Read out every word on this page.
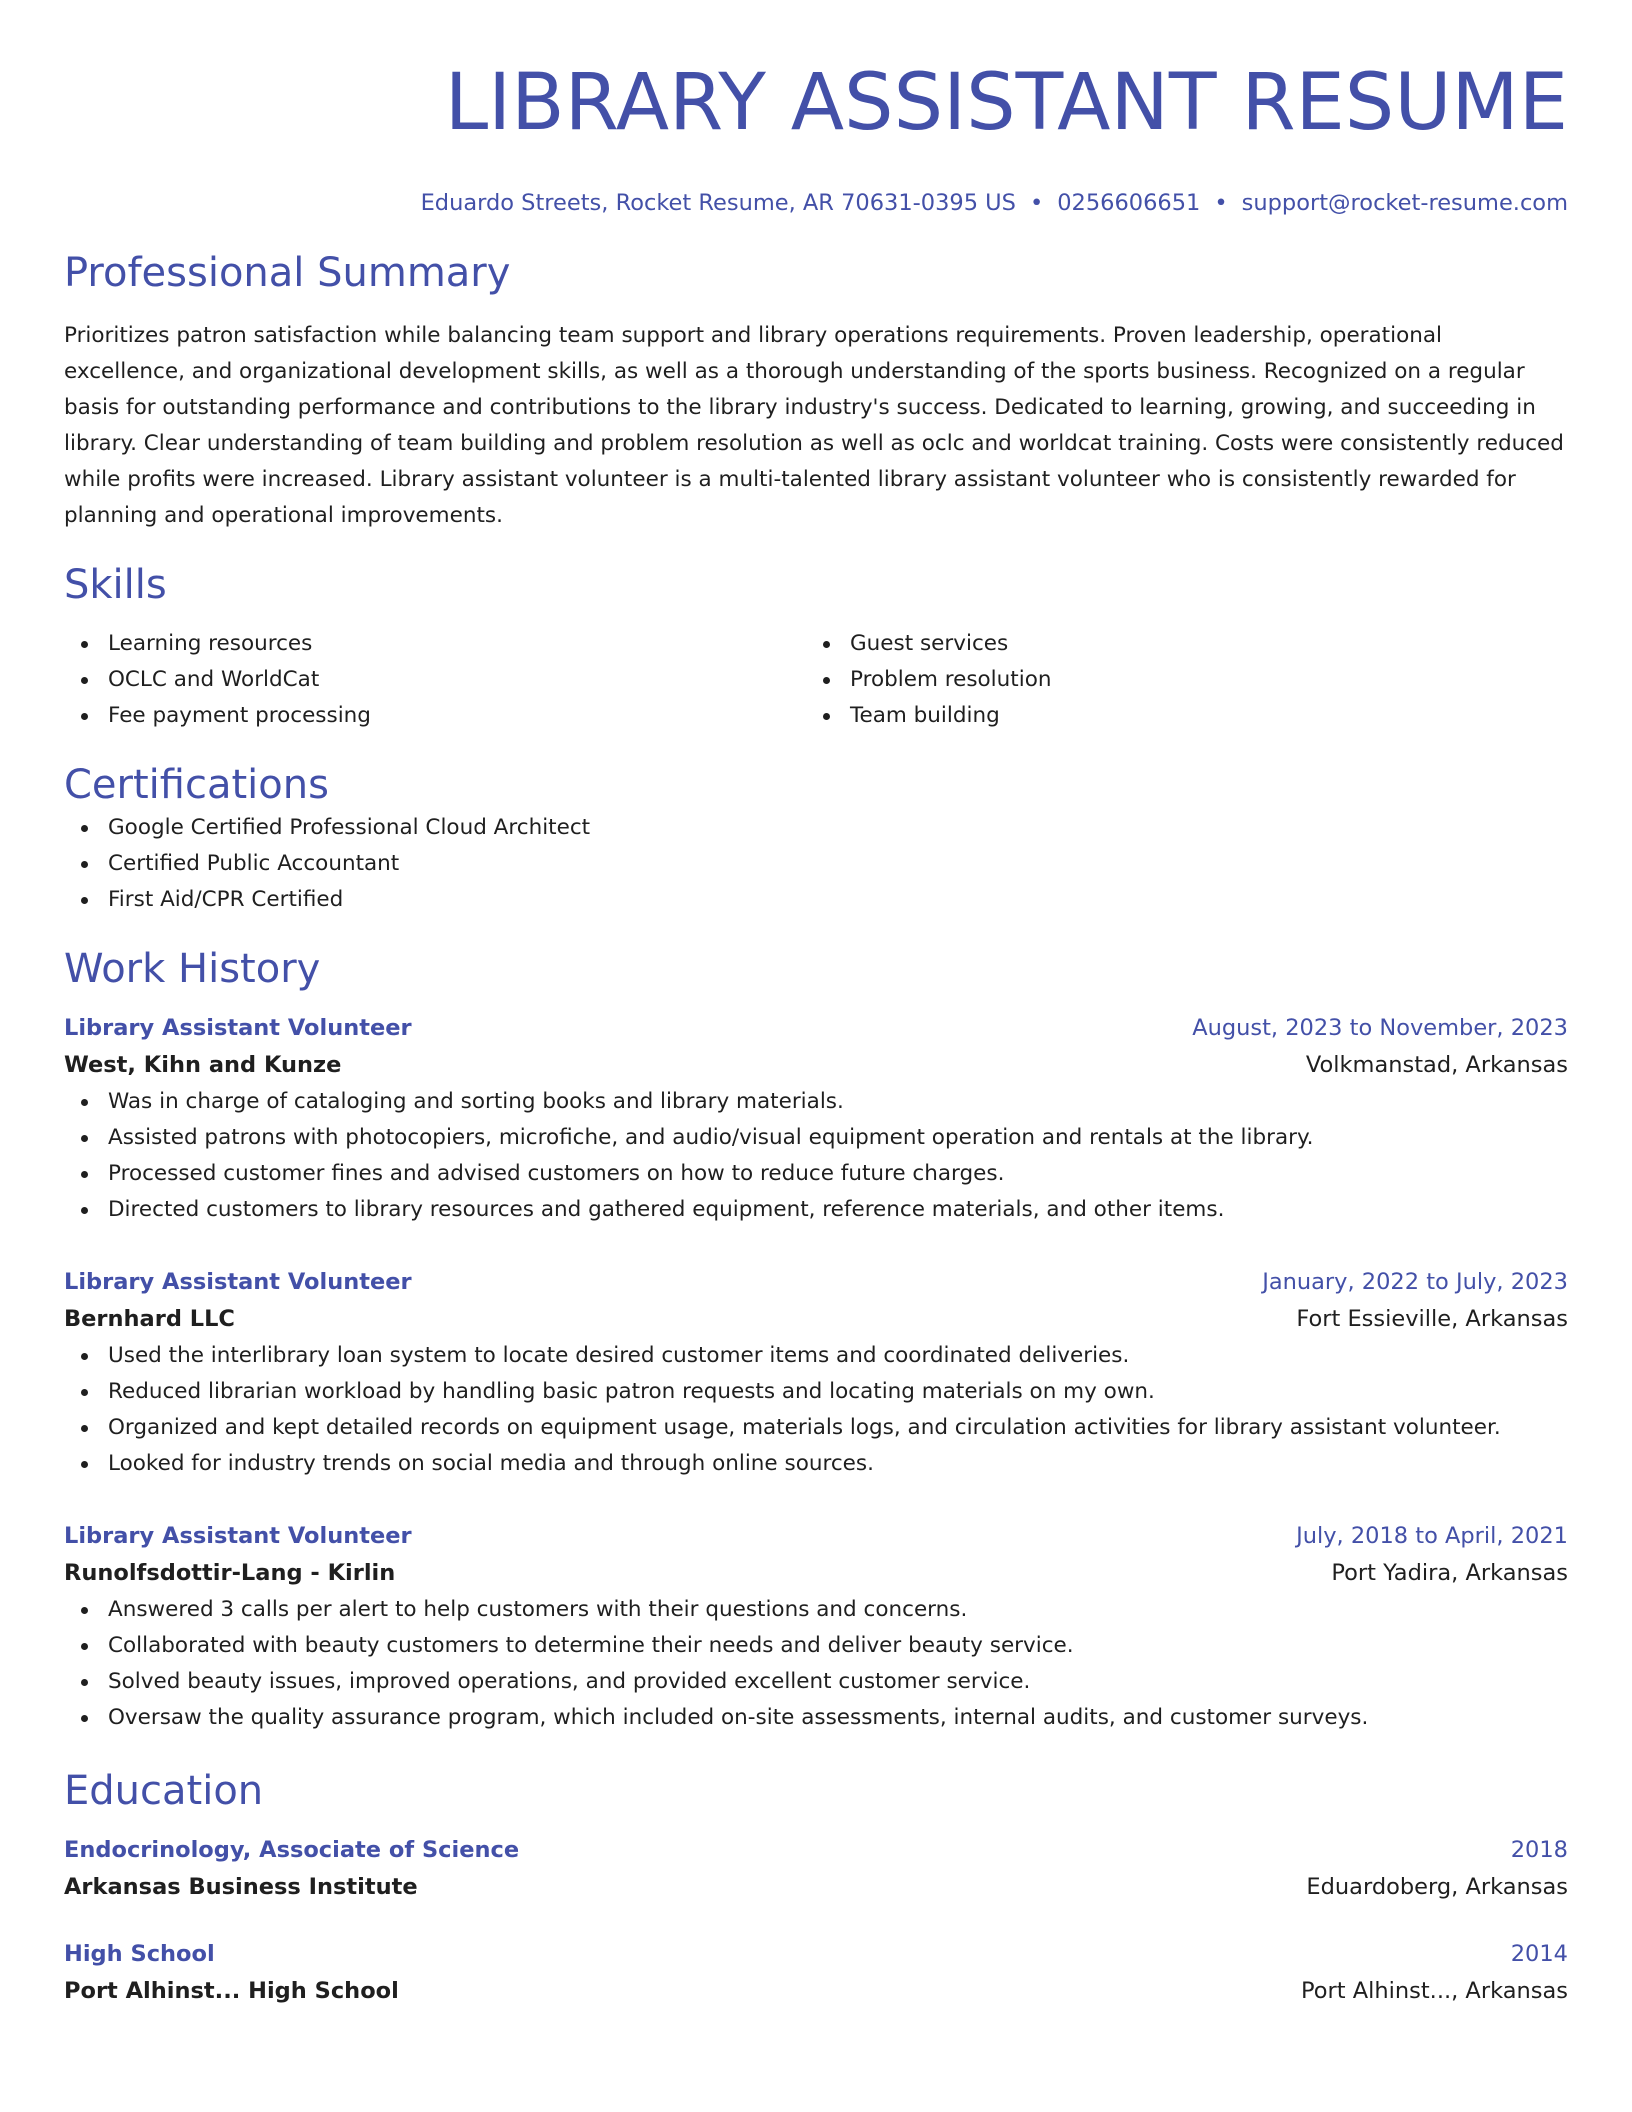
LIBRARY ASSISTANT RESUME
Eduardo Streets, Rocket Resume, AR 70631-0395 US • 0256606651 • support@rocket-resume.com
Professional Summary

Prioritizes patron satisfaction while balancing team support and library operations requirements. Proven leadership, operational excellence, and organizational development skills, as well as a thorough understanding of the sports business. Recognized on a regular basis for outstanding performance and contributions to the library industry's success. Dedicated to learning, growing, and succeeding in library. Clear understanding of team building and problem resolution as well as oclc and worldcat training. Costs were consistently reduced while profits were increased. Library assistant volunteer is a multi-talented library assistant volunteer who is consistently rewarded for planning and operational improvements.

Skills
Learning resources
OCLC and WorldCat
Fee payment processing
Guest services
Problem resolution
Team building
Certifications
Google Certified Professional Cloud Architect
Certified Public Accountant
First Aid/CPR Certified
Work History
Library Assistant Volunteer	August, 2023 to November, 2023
West, Kihn and Kunze	Volkmanstad, Arkansas
Was in charge of cataloging and sorting books and library materials.
Assisted patrons with photocopiers, microfiche, and audio/visual equipment operation and rentals at the library.
Processed customer fines and advised customers on how to reduce future charges.
Directed customers to library resources and gathered equipment, reference materials, and other items.
Library Assistant Volunteer	January, 2022 to July, 2023
Bernhard LLC	Fort Essieville, Arkansas
Used the interlibrary loan system to locate desired customer items and coordinated deliveries.
Reduced librarian workload by handling basic patron requests and locating materials on my own.
Organized and kept detailed records on equipment usage, materials logs, and circulation activities for library assistant volunteer.
Looked for industry trends on social media and through online sources.
Library Assistant Volunteer	July, 2018 to April, 2021
Runolfsdottir-Lang - Kirlin	Port Yadira, Arkansas
Answered 3 calls per alert to help customers with their questions and concerns.
Collaborated with beauty customers to determine their needs and deliver beauty service.
Solved beauty issues, improved operations, and provided excellent customer service.
Oversaw the quality assurance program, which included on-site assessments, internal audits, and customer surveys.
Education
Endocrinology, Associate of Science	2018
Arkansas Business Institute	Eduardoberg, Arkansas
High School	2014
Port Alhinst... High School	Port Alhinst..., Arkansas
